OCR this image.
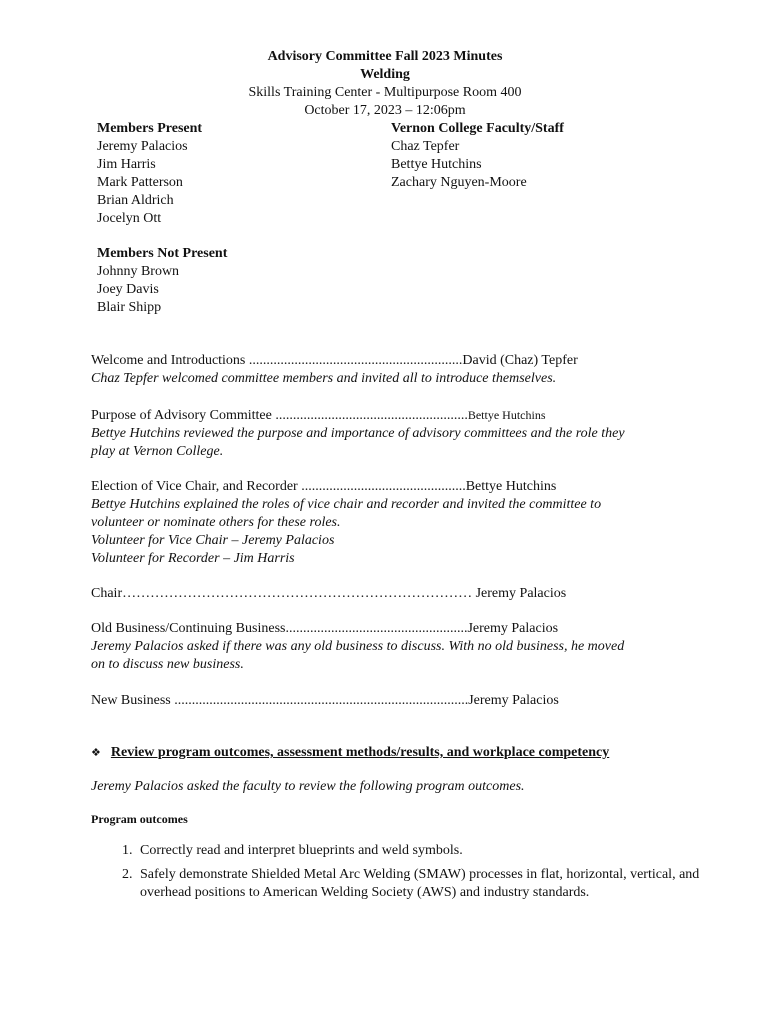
Advisory Committee Fall 2023 Minutes
Welding
Skills Training Center - Multipurpose Room 400
October 17, 2023 – 12:06pm
Members Present
Jeremy Palacios
Jim Harris
Mark Patterson
Brian Aldrich
Jocelyn Ott
Vernon College Faculty/Staff
Chaz Tepfer
Bettye Hutchins
Zachary Nguyen-Moore
Members Not Present
Johnny Brown
Joey Davis
Blair Shipp
Welcome and Introductions .............................................................David (Chaz) Tepfer
Chaz Tepfer welcomed committee members and invited all to introduce themselves.
Purpose of Advisory Committee .......................................................Bettye Hutchins
Bettye Hutchins reviewed the purpose and importance of advisory committees and the role they
play at Vernon College.
Election of Vice Chair, and Recorder ...............................................Bettye Hutchins
Bettye Hutchins explained the roles of vice chair and recorder and invited the committee to
volunteer or nominate others for these roles.
Volunteer for Vice Chair – Jeremy Palacios
Volunteer for Recorder – Jim Harris
Chair………………………………………………………………… Jeremy Palacios
Old Business/Continuing Business....................................................Jeremy Palacios
Jeremy Palacios asked if there was any old business to discuss. With no old business, he moved
on to discuss new business.
New Business ....................................................................................Jeremy Palacios
❖ Review program outcomes, assessment methods/results, and workplace competency
Jeremy Palacios asked the faculty to review the following program outcomes.
Program outcomes
1. Correctly read and interpret blueprints and weld symbols.
2. Safely demonstrate Shielded Metal Arc Welding (SMAW) processes in flat, horizontal, vertical, and overhead positions to American Welding Society (AWS) and industry standards.
